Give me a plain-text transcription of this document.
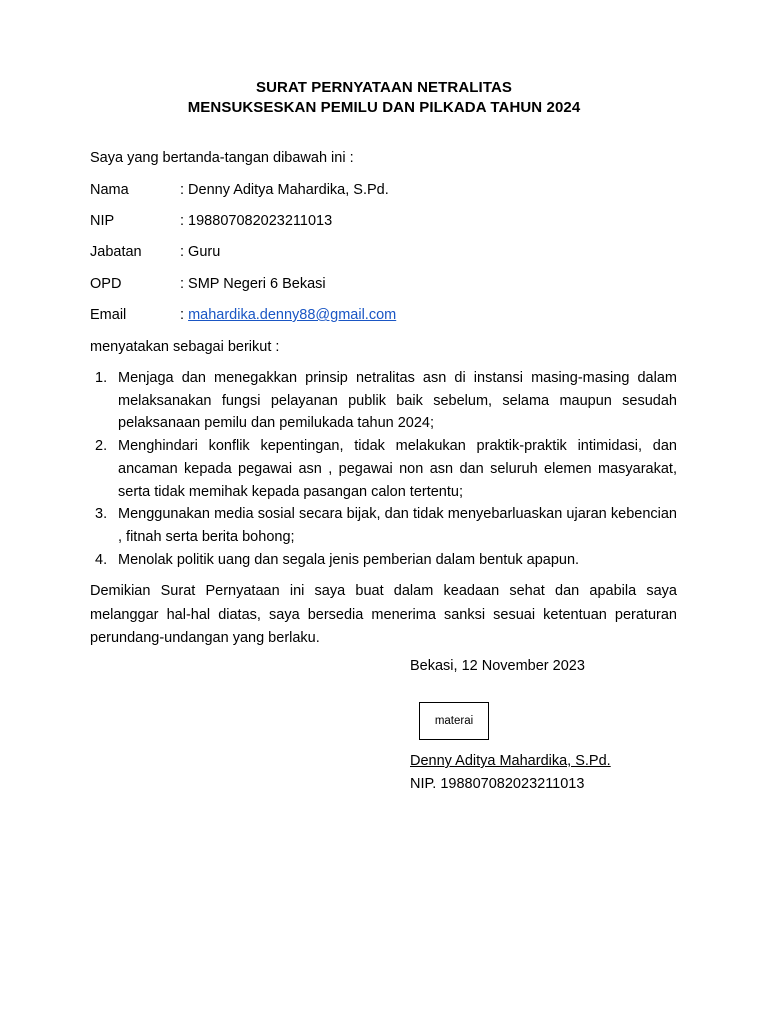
SURAT PERNYATAAN NETRALITAS
MENSUKSESKAN PEMILU DAN PILKADA TAHUN 2024
Saya yang bertanda-tangan dibawah ini :
Nama	: Denny Aditya Mahardika, S.Pd.
NIP	: 198807082023211013
Jabatan	: Guru
OPD	: SMP Negeri 6 Bekasi
Email	: mahardika.denny88@gmail.com
menyatakan sebagai berikut :
1. Menjaga dan menegakkan prinsip netralitas asn di instansi masing-masing dalam melaksanakan fungsi pelayanan publik baik sebelum, selama maupun sesudah pelaksanaan pemilu dan pemilukada tahun 2024;
2. Menghindari konflik kepentingan, tidak melakukan praktik-praktik intimidasi, dan ancaman kepada pegawai asn , pegawai non asn dan seluruh elemen masyarakat, serta tidak memihak kepada pasangan calon tertentu;
3. Menggunakan media sosial secara bijak, dan tidak menyebarluaskan ujaran kebencian , fitnah serta berita bohong;
4. Menolak politik uang dan segala jenis pemberian dalam bentuk apapun.
Demikian Surat Pernyataan ini saya buat dalam keadaan sehat dan apabila saya melanggar hal-hal diatas, saya bersedia menerima sanksi sesuai ketentuan peraturan perundang-undangan yang berlaku.
Bekasi, 12 November 2023
materai
Denny Aditya Mahardika, S.Pd.
NIP. 198807082023211013
